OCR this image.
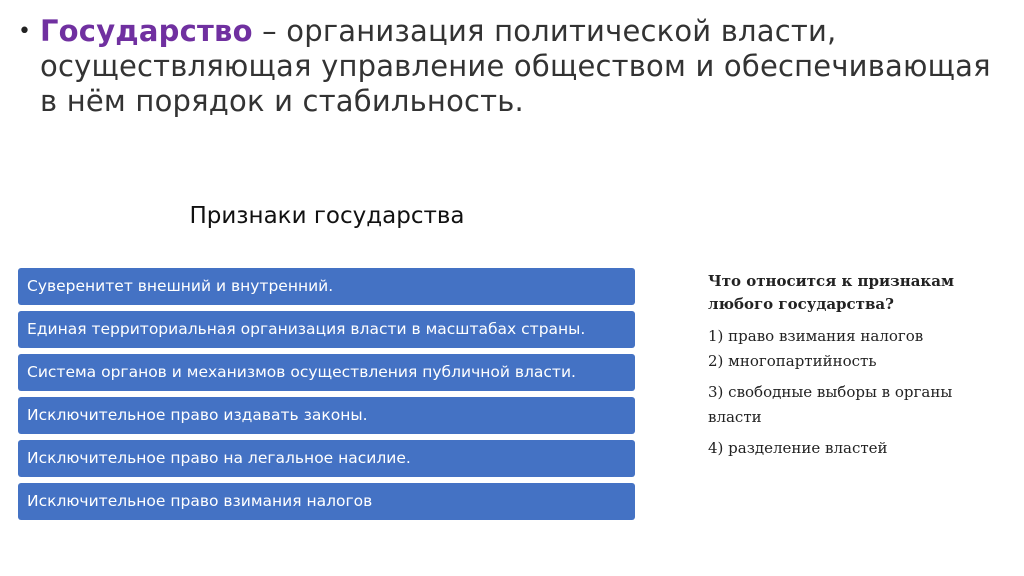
• Государство – организация политической власти, осуществляющая управление обществом и обеспечивающая в нём порядок и стабильность.
Признаки государства
Суверенитет внешний и внутренний.
Единая территориальная организация власти в масштабах страны.
Система органов и механизмов осуществления публичной власти.
Исключительное право издавать законы.
Исключительное право на легальное насилие.
Исключительное право взимания налогов
Что относится к признакам любого государства?
1) право взимания налогов
2) многопартийность
3) свободные выборы в органы власти
4) разделение властей
